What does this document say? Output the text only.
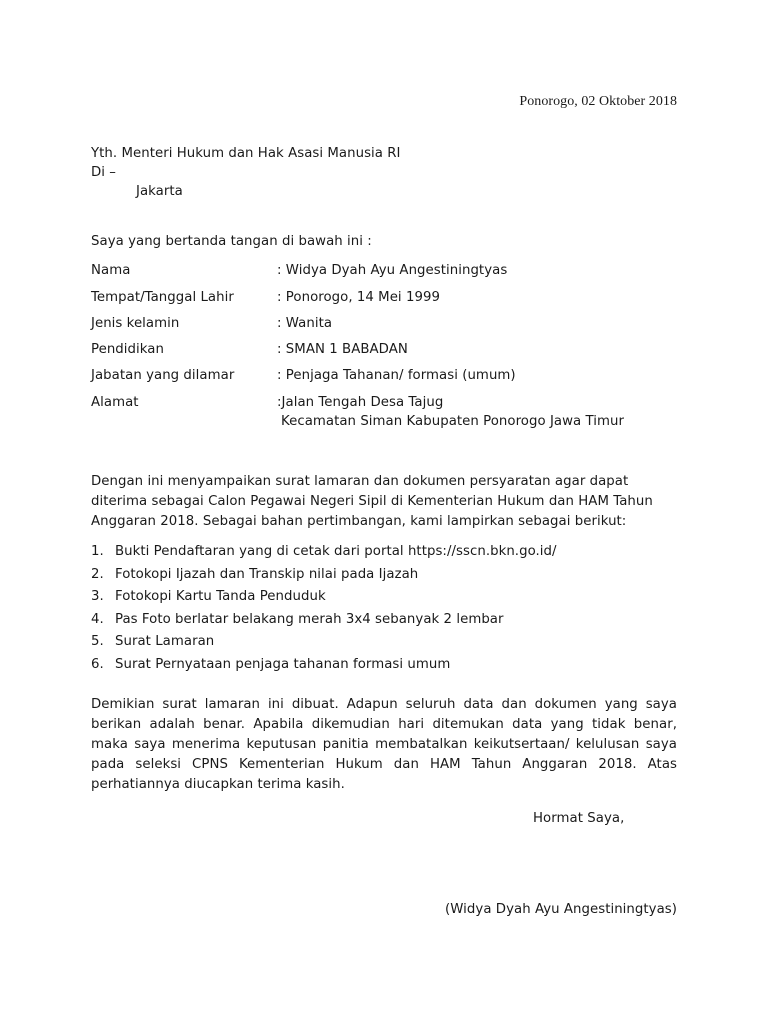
Ponorogo, 02 Oktober 2018
Yth. Menteri Hukum dan Hak Asasi Manusia RI
Di –
Jakarta
Saya yang bertanda tangan di bawah ini :
Nama	: Widya Dyah Ayu Angestiningtyas
Tempat/Tanggal Lahir	: Ponorogo, 14 Mei 1999
Jenis kelamin	: Wanita
Pendidikan	: SMAN 1 BABADAN
Jabatan yang dilamar	: Penjaga Tahanan/ formasi (umum)
Alamat	:Jalan Tengah Desa Tajug
Kecamatan Siman Kabupaten Ponorogo Jawa Timur
Dengan ini menyampaikan surat lamaran dan dokumen persyaratan agar dapat diterima sebagai Calon Pegawai Negeri Sipil di Kementerian Hukum dan HAM Tahun Anggaran 2018. Sebagai bahan pertimbangan, kami lampirkan sebagai berikut:
1. Bukti Pendaftaran yang di cetak dari portal https://sscn.bkn.go.id/
2. Fotokopi Ijazah dan Transkip nilai pada Ijazah
3. Fotokopi Kartu Tanda Penduduk
4. Pas Foto berlatar belakang merah 3x4 sebanyak 2 lembar
5. Surat Lamaran
6. Surat Pernyataan penjaga tahanan formasi umum
Demikian surat lamaran ini dibuat. Adapun seluruh data dan dokumen yang saya berikan adalah benar. Apabila dikemudian hari ditemukan data yang tidak benar, maka saya menerima keputusan panitia membatalkan keikutsertaan/ kelulusan saya pada seleksi CPNS Kementerian Hukum dan HAM Tahun Anggaran 2018. Atas perhatiannya diucapkan terima kasih.
Hormat Saya,
(Widya Dyah Ayu Angestiningtyas)
